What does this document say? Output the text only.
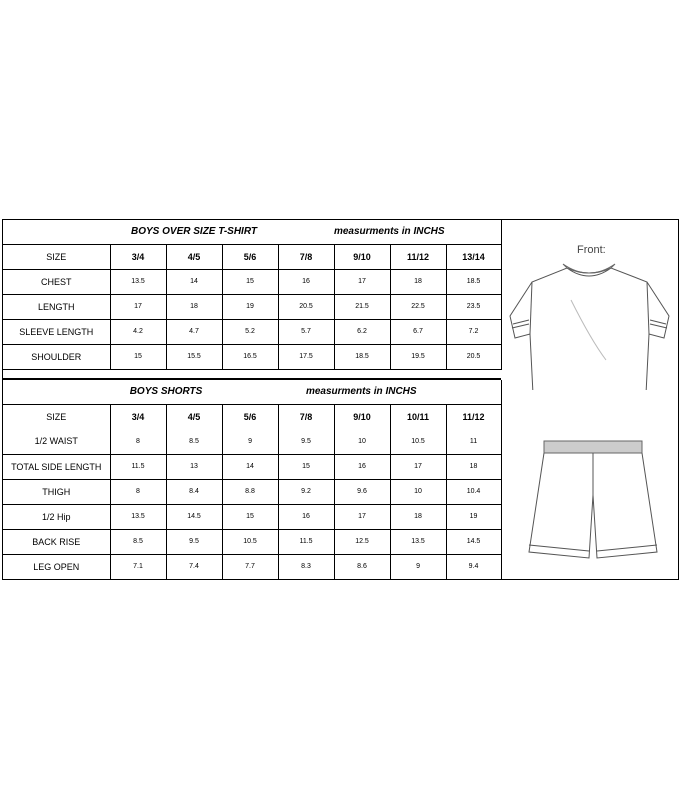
	BOYS OVER SIZE T-SHIRT			measurments in INCHS			
SIZE	3/4	4/5	5/6	7/8	9/10	11/12	13/14
CHEST	13.5	14	15	16	17	18	18.5
LENGTH	17	18	19	20.5	21.5	22.5	23.5
SLEEVE LENGTH	4.2	4.7	5.2	5.7	6.2	6.7	7.2
SHOULDER	15	15.5	16.5	17.5	18.5	19.5	20.5
	BOYS SHORTS		measurments in INCHS				
SIZE	3/4	4/5	5/6	7/8	9/10	10/11	11/12
1/2 WAIST	8	8.5	9	9.5	10	10.5	11
TOTAL SIDE LENGTH	11.5	13	14	15	16	17	18
THIGH	8	8.4	8.8	9.2	9.6	10	10.4
1/2 Hip	13.5	14.5	15	16	17	18	19
BACK RISE	8.5	9.5	10.5	11.5	12.5	13.5	14.5
LEG OPEN	7.1	7.4	7.7	8.3	8.6	9	9.4
Front:
